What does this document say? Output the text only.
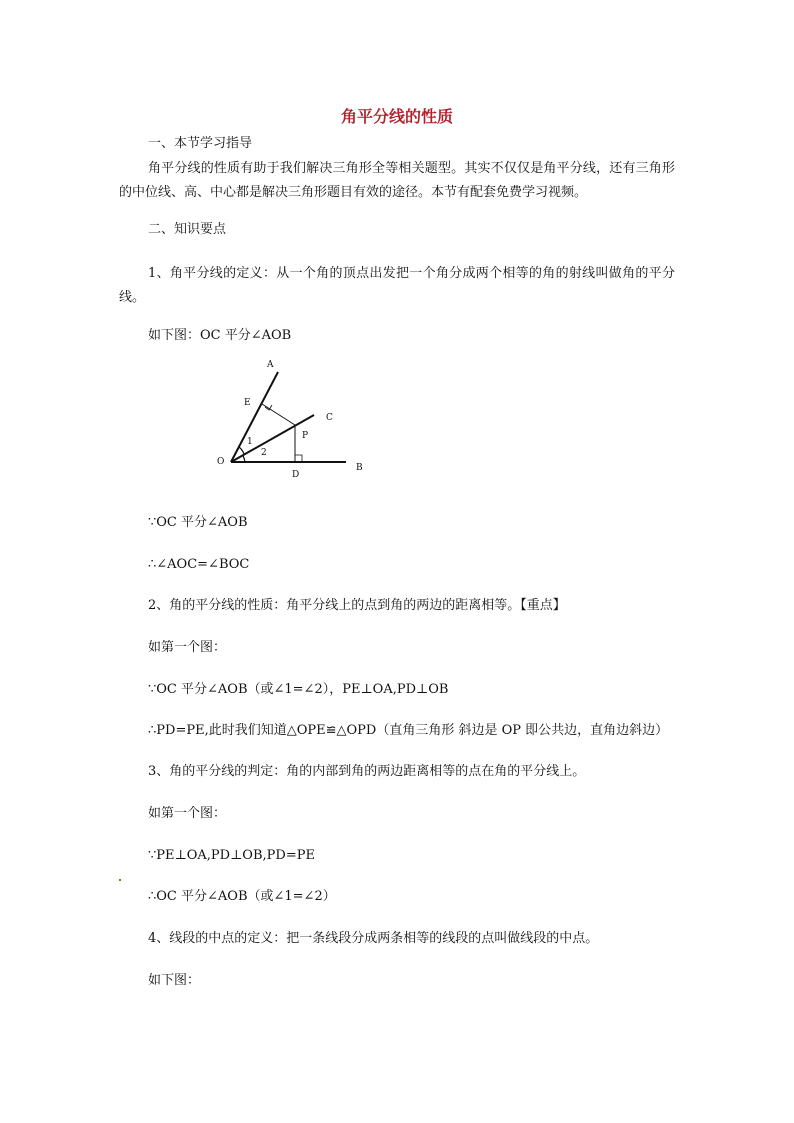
角平分线的性质
一、本节学习指导
角平分线的性质有助于我们解决三角形全等相关题型。其实不仅仅是角平分线，还有三角形的中位线、高、中心都是解决三角形题目有效的途径。本节有配套免费学习视频。
二、知识要点
1、角平分线的定义：从一个角的顶点出发把一个角分成两个相等的角的射线叫做角的平分线。
如下图：OC 平分∠AOB
A
E
C
P
O
D
B
1
2
∵OC 平分∠AOB
∴∠AOC=∠BOC
2、角的平分线的性质：角平分线上的点到角的两边的距离相等。【重点】
如第一个图：
∵OC 平分∠AOB（或∠1=∠2），PE⊥OA,PD⊥OB
∴PD=PE,此时我们知道△OPE≌△OPD（直角三角形 斜边是 OP 即公共边，直角边斜边）
3、角的平分线的判定：角的内部到角的两边距离相等的点在角的平分线上。
如第一个图：
∵PE⊥OA,PD⊥OB,PD=PE
∴OC 平分∠AOB（或∠1=∠2）
4、线段的中点的定义：把一条线段分成两条相等的线段的点叫做线段的中点。
如下图：
